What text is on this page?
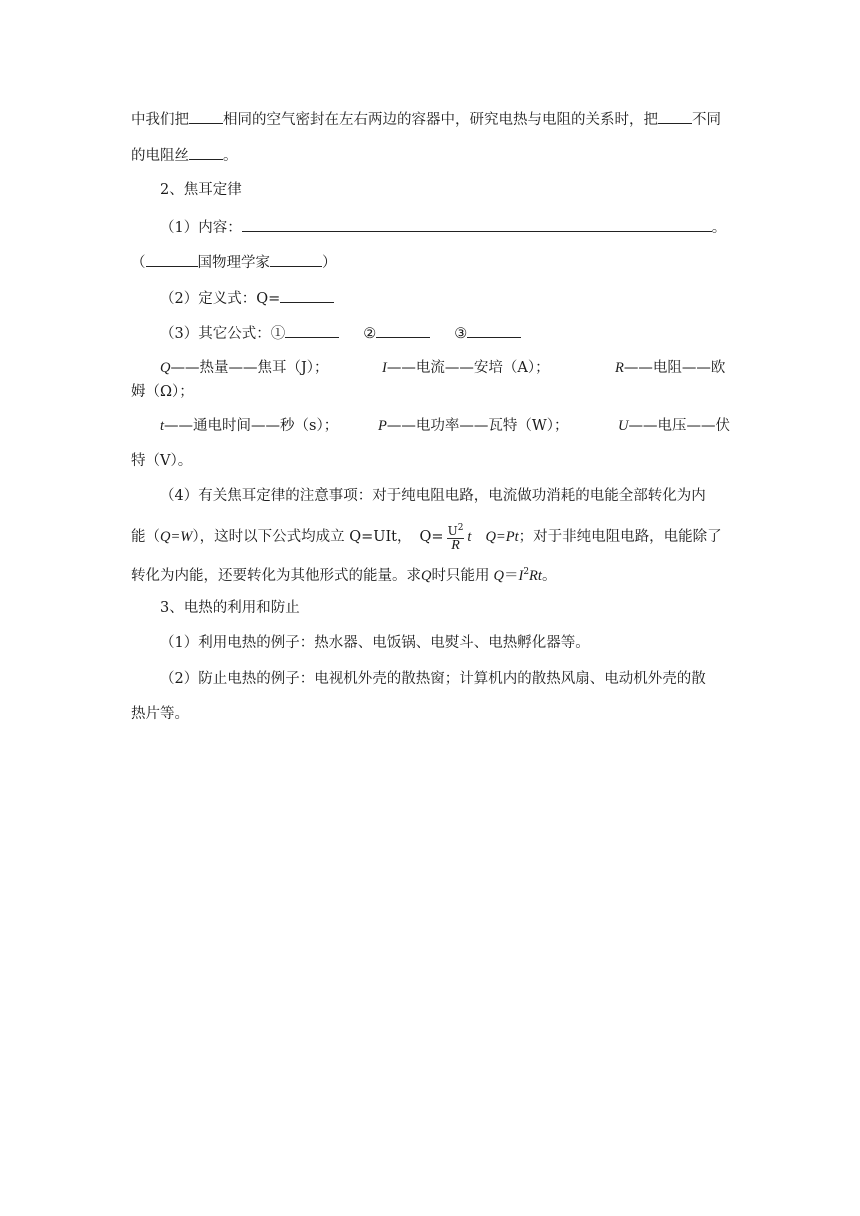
中我们把 相同的空气密封在左右两边的容器中，研究电热与电阻的关系时，把 不同
的电阻丝 。
2、焦耳定律
（1）内容：	。
（	国物理学家	）
（2）定义式：Q=
（3）其它公式：①	②	③
Q——热量——焦耳（J）；	I——电流——安培（A）；	R——电阻——欧
姆（Ω）；
t——通电时间——秒（s）；	P——电功率——瓦特（W）；	U——电压——伏
特（V）。
（4）有关焦耳定律的注意事项：对于纯电阻电路，电流做功消耗的电能全部转化为内
能（Q=W），这时以下公式均成立 Q=UIt， $Q= \frac{U^2}{R}$ t Q=Pt；对于非纯电阻电路，电能除了
转化为内能，还要转化为其他形式的能量。求Q时只能用 $Q=I^2Rt$。
3、电热的利用和防止
（1）利用电热的例子：热水器、电饭锅、电熨斗、电热孵化器等。
（2）防止电热的例子：电视机外壳的散热窗；计算机内的散热风扇、电动机外壳的散
热片等。
